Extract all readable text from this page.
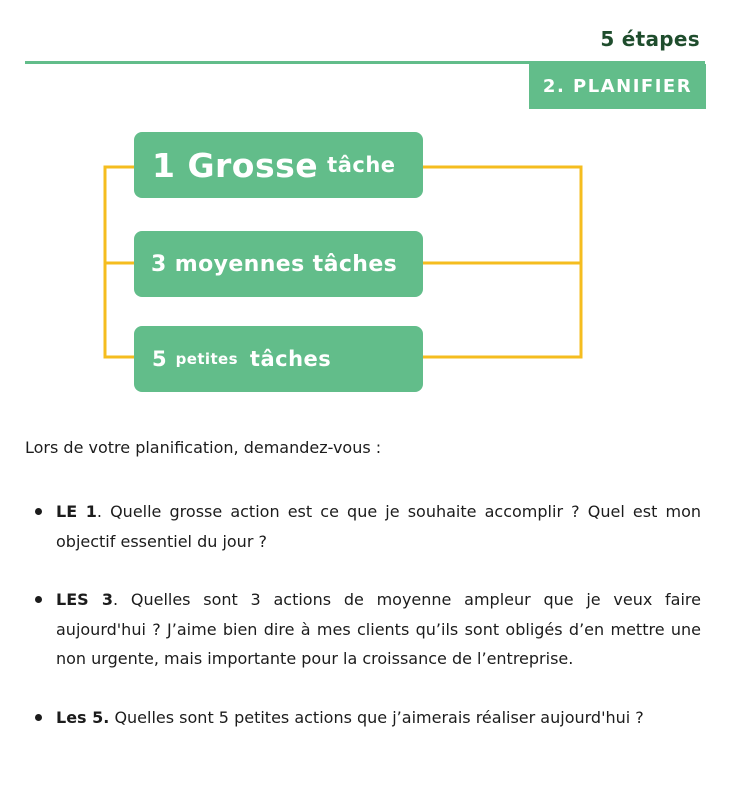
5 étapes
2. PLANIFIER
1 Grosse tâche
3 moyennes tâches
5 petites tâches
Lors de votre planification, demandez-vous :
LE 1. Quelle grosse action est ce que je souhaite accomplir ? Quel est mon objectif essentiel du jour ?
LES 3. Quelles sont 3 actions de moyenne ampleur que je veux faire aujourd'hui ? J’aime bien dire à mes clients qu’ils sont obligés d’en mettre une non urgente, mais importante pour la croissance de l’entreprise.
Les 5. Quelles sont 5 petites actions que j’aimerais réaliser aujourd'hui ?
